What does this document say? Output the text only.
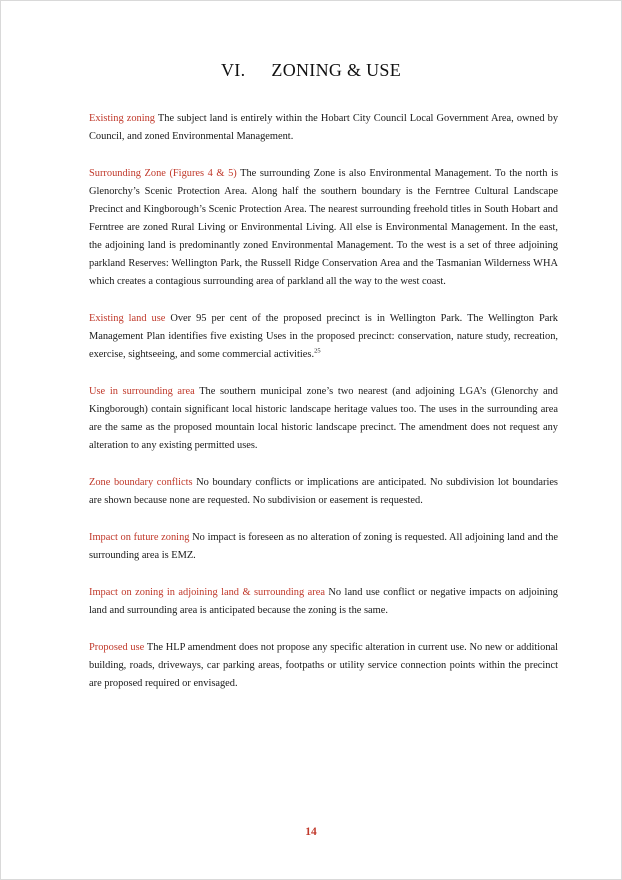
VI. ZONING & USE

Existing zoning The subject land is entirely within the Hobart City Council Local Government Area, owned by Council, and zoned Environmental Management.

Surrounding Zone (Figures 4 & 5) The surrounding Zone is also Environmental Management. To the north is Glenorchy’s Scenic Protection Area. Along half the southern boundary is the Ferntree Cultural Landscape Precinct and Kingborough’s Scenic Protection Area. The nearest surrounding freehold titles in South Hobart and Ferntree are zoned Rural Living or Environmental Living. All else is Environmental Management. In the east, the adjoining land is predominantly zoned Environmental Management. To the west is a set of three adjoining parkland Reserves: Wellington Park, the Russell Ridge Conservation Area and the Tasmanian Wilderness WHA which creates a contagious surrounding area of parkland all the way to the west coast.

Existing land use Over 95 per cent of the proposed precinct is in Wellington Park. The Wellington Park Management Plan identifies five existing Uses in the proposed precinct: conservation, nature study, recreation, exercise, sightseeing, and some commercial activities.$^{25}$

Use in surrounding area The southern municipal zone’s two nearest (and adjoining LGA’s (Glenorchy and Kingborough) contain significant local historic landscape heritage values too. The uses in the surrounding area are the same as the proposed mountain local historic landscape precinct. The amendment does not request any alteration to any existing permitted uses.

Zone boundary conflicts No boundary conflicts or implications are anticipated. No subdivision lot boundaries are shown because none are requested. No subdivision or easement is requested.

Impact on future zoning No impact is foreseen as no alteration of zoning is requested. All adjoining land and the surrounding area is EMZ.

Impact on zoning in adjoining land & surrounding area No land use conflict or negative impacts on adjoining land and surrounding area is anticipated because the zoning is the same.

Proposed use The HLP amendment does not propose any specific alteration in current use. No new or additional building, roads, driveways, car parking areas, footpaths or utility service connection points within the precinct are proposed required or envisaged.

14
